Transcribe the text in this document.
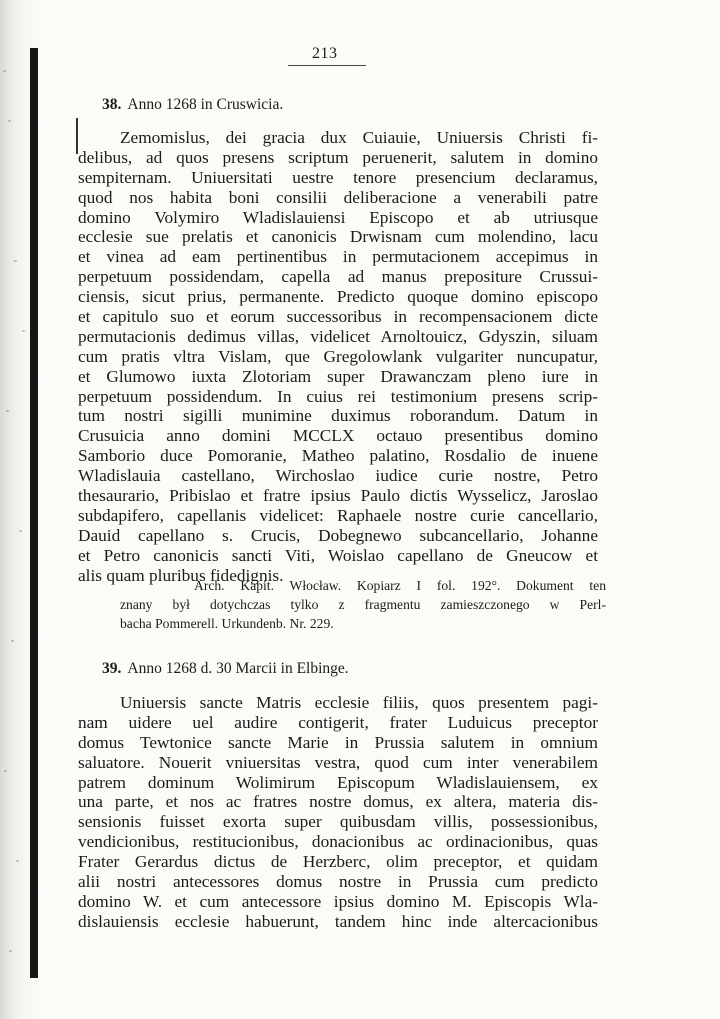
213
38. Anno 1268 in Cruswicia.
Zemomislus, dei gracia dux Cuiauie, Uniuersis Christi fi-
delibus, ad quos presens scriptum peruenerit, salutem in domino
sempiternam. Uniuersitati uestre tenore presencium declaramus,
quod nos habita boni consilii deliberacione a venerabili patre
domino Volymiro Wladislauiensi Episcopo et ab utriusque
ecclesie sue prelatis et canonicis Drwisnam cum molendino, lacu
et vinea ad eam pertinentibus in permutacionem accepimus in
perpetuum possidendam, capella ad manus prepositure Crussui-
ciensis, sicut prius, permanente. Predicto quoque domino episcopo
et capitulo suo et eorum successoribus in recompensacionem dicte
permutacionis dedimus villas, videlicet Arnoltouicz, Gdyszin, siluam
cum pratis vltra Vislam, que Gregolowlank vulgariter nuncupatur,
et Glumowo iuxta Zlotoriam super Drawanczam pleno iure in
perpetuum possidendum. In cuius rei testimonium presens scrip-
tum nostri sigilli munimine duximus roborandum. Datum in
Crusuicia anno domini MCCLX octauo presentibus domino
Samborio duce Pomoranie, Matheo palatino, Rosdalio de inuene
Wladislauia castellano, Wirchoslao iudice curie nostre, Petro
thesaurario, Pribislao et fratre ipsius Paulo dictis Wysselicz, Jaroslao
subdapifero, capellanis videlicet: Raphaele nostre curie cancellario,
Dauid capellano s. Crucis, Dobegnewo subcancellario, Johanne
et Petro canonicis sancti Viti, Woislao capellano de Gneucow et
alis quam pluribus fidedignis.
Arch. Kapit. Włocław. Kopiarz I fol. 192°. Dokument ten
znany był dotychczas tylko z fragmentu zamieszczonego w Perl-
bacha Pommerell. Urkundenb. Nr. 229.
39. Anno 1268 d. 30 Marcii in Elbinge.
Uniuersis sancte Matris ecclesie filiis, quos presentem pagi-
nam uidere uel audire contigerit, frater Luduicus preceptor
domus Tewtonice sancte Marie in Prussia salutem in omnium
saluatore. Nouerit vniuersitas vestra, quod cum inter venerabilem
patrem dominum Wolimirum Episcopum Wladislauiensem, ex
una parte, et nos ac fratres nostre domus, ex altera, materia dis-
sensionis fuisset exorta super quibusdam villis, possessionibus,
vendicionibus, restitucionibus, donacionibus ac ordinacionibus, quas
Frater Gerardus dictus de Herzberc, olim preceptor, et quidam
alii nostri antecessores domus nostre in Prussia cum predicto
domino W. et cum antecessore ipsius domino M. Episcopis Wla-
dislauiensis ecclesie habuerunt, tandem hinc inde altercacionibus
